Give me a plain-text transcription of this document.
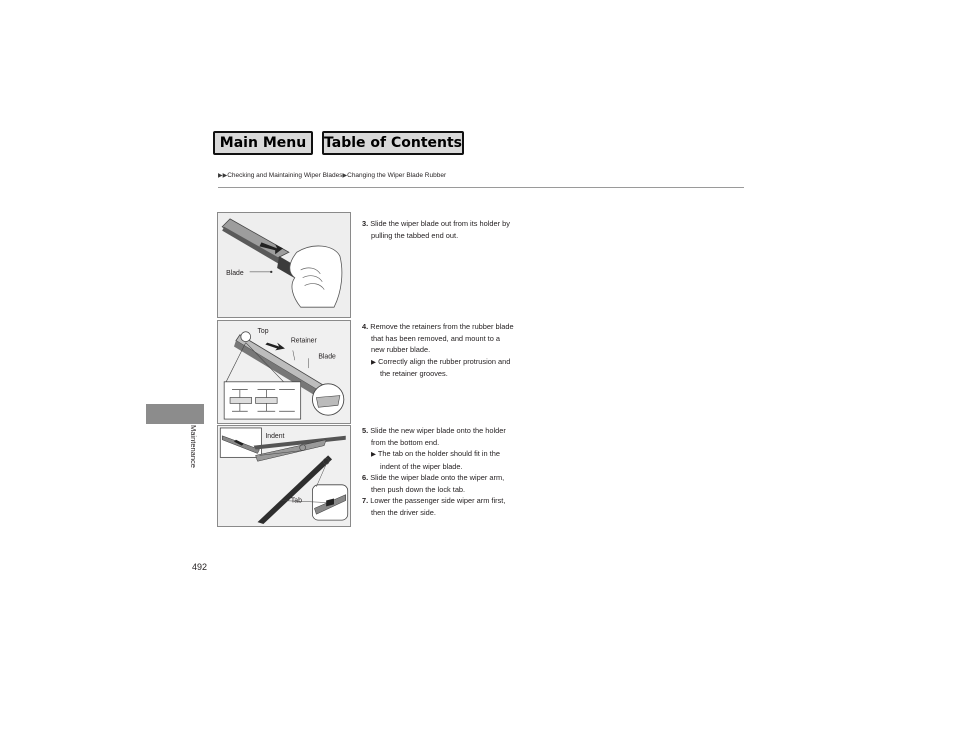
Main Menu	Table of Contents
▶▶Checking and Maintaining Wiper Blades▶Changing the Wiper Blade Rubber
Maintenance
492
Blade
Top
Retainer
Blade
Indent
Tab
3. Slide the wiper blade out from its holder by
pulling the tabbed end out.
4. Remove the retainers from the rubber blade
that has been removed, and mount to a
new rubber blade.
▶ Correctly align the rubber protrusion and
the retainer grooves.
5. Slide the new wiper blade onto the holder
from the bottom end.
▶ The tab on the holder should fit in the
indent of the wiper blade.
6. Slide the wiper blade onto the wiper arm,
then push down the lock tab.
7. Lower the passenger side wiper arm first,
then the driver side.
